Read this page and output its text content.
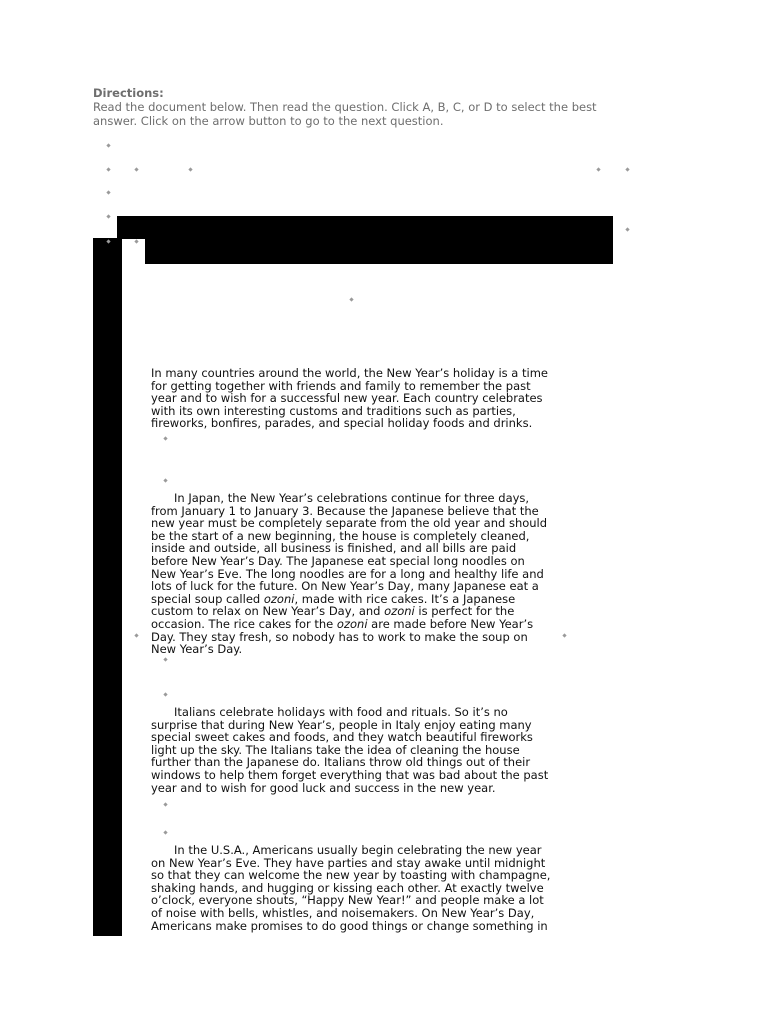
Directions:
Read the document below. Then read the question. Click A, B, C, or D to select the best answer. Click on the arrow button to go to the next question.
In many countries around the world, the New Year’s holiday is a time for getting together with friends and family to remember the past year and to wish for a successful new year. Each country celebrates with its own interesting customs and traditions such as parties, fireworks, bonfires, parades, and special holiday foods and drinks.
In Japan, the New Year’s celebrations continue for three days, from January 1 to January 3. Because the Japanese believe that the new year must be completely separate from the old year and should be the start of a new beginning, the house is completely cleaned, inside and outside, all business is finished, and all bills are paid before New Year’s Day. The Japanese eat special long noodles on New Year’s Eve. The long noodles are for a long and healthy life and lots of luck for the future. On New Year’s Day, many Japanese eat a special soup called ozoni, made with rice cakes. It’s a Japanese custom to relax on New Year’s Day, and ozoni is perfect for the occasion. The rice cakes for the ozoni are made before New Year’s Day. They stay fresh, so nobody has to work to make the soup on New Year’s Day.
Italians celebrate holidays with food and rituals. So it’s no surprise that during New Year’s, people in Italy enjoy eating many special sweet cakes and foods, and they watch beautiful fireworks light up the sky. The Italians take the idea of cleaning the house further than the Japanese do. Italians throw old things out of their windows to help them forget everything that was bad about the past year and to wish for good luck and success in the new year.
In the U.S.A., Americans usually begin celebrating the new year on New Year’s Eve. They have parties and stay awake until midnight so that they can welcome the new year by toasting with champagne, shaking hands, and hugging or kissing each other. At exactly twelve o’clock, everyone shouts, “Happy New Year!” and people make a lot of noise with bells, whistles, and noisemakers. On New Year’s Day, Americans make promises to do good things or change something in
